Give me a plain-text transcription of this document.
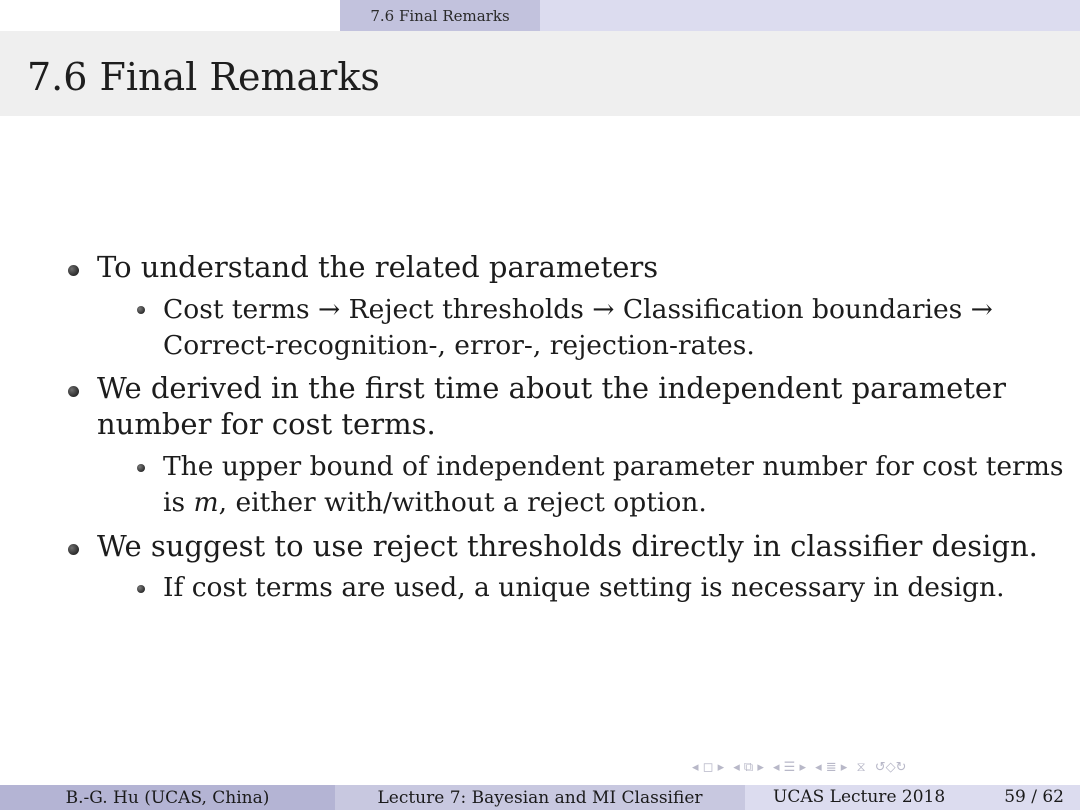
7.6 Final Remarks
7.6 Final Remarks
To understand the related parameters
Cost terms → Reject thresholds → Classification boundaries →
Correct-recognition-, error-, rejection-rates.
We derived in the first time about the independent parameter
number for cost terms.
The upper bound of independent parameter number for cost terms
is m, either with/without a reject option.
We suggest to use reject thresholds directly in classifier design.
If cost terms are used, a unique setting is necessary in design.
◂ ◻ ▸ ◂ ⧉ ▸ ◂ ☰ ▸ ◂ ≣ ▸ ⧖ ↺◇↻
B.-G. Hu (UCAS, China)	Lecture 7: Bayesian and MI Classifier	UCAS Lecture 2018	59 / 62
